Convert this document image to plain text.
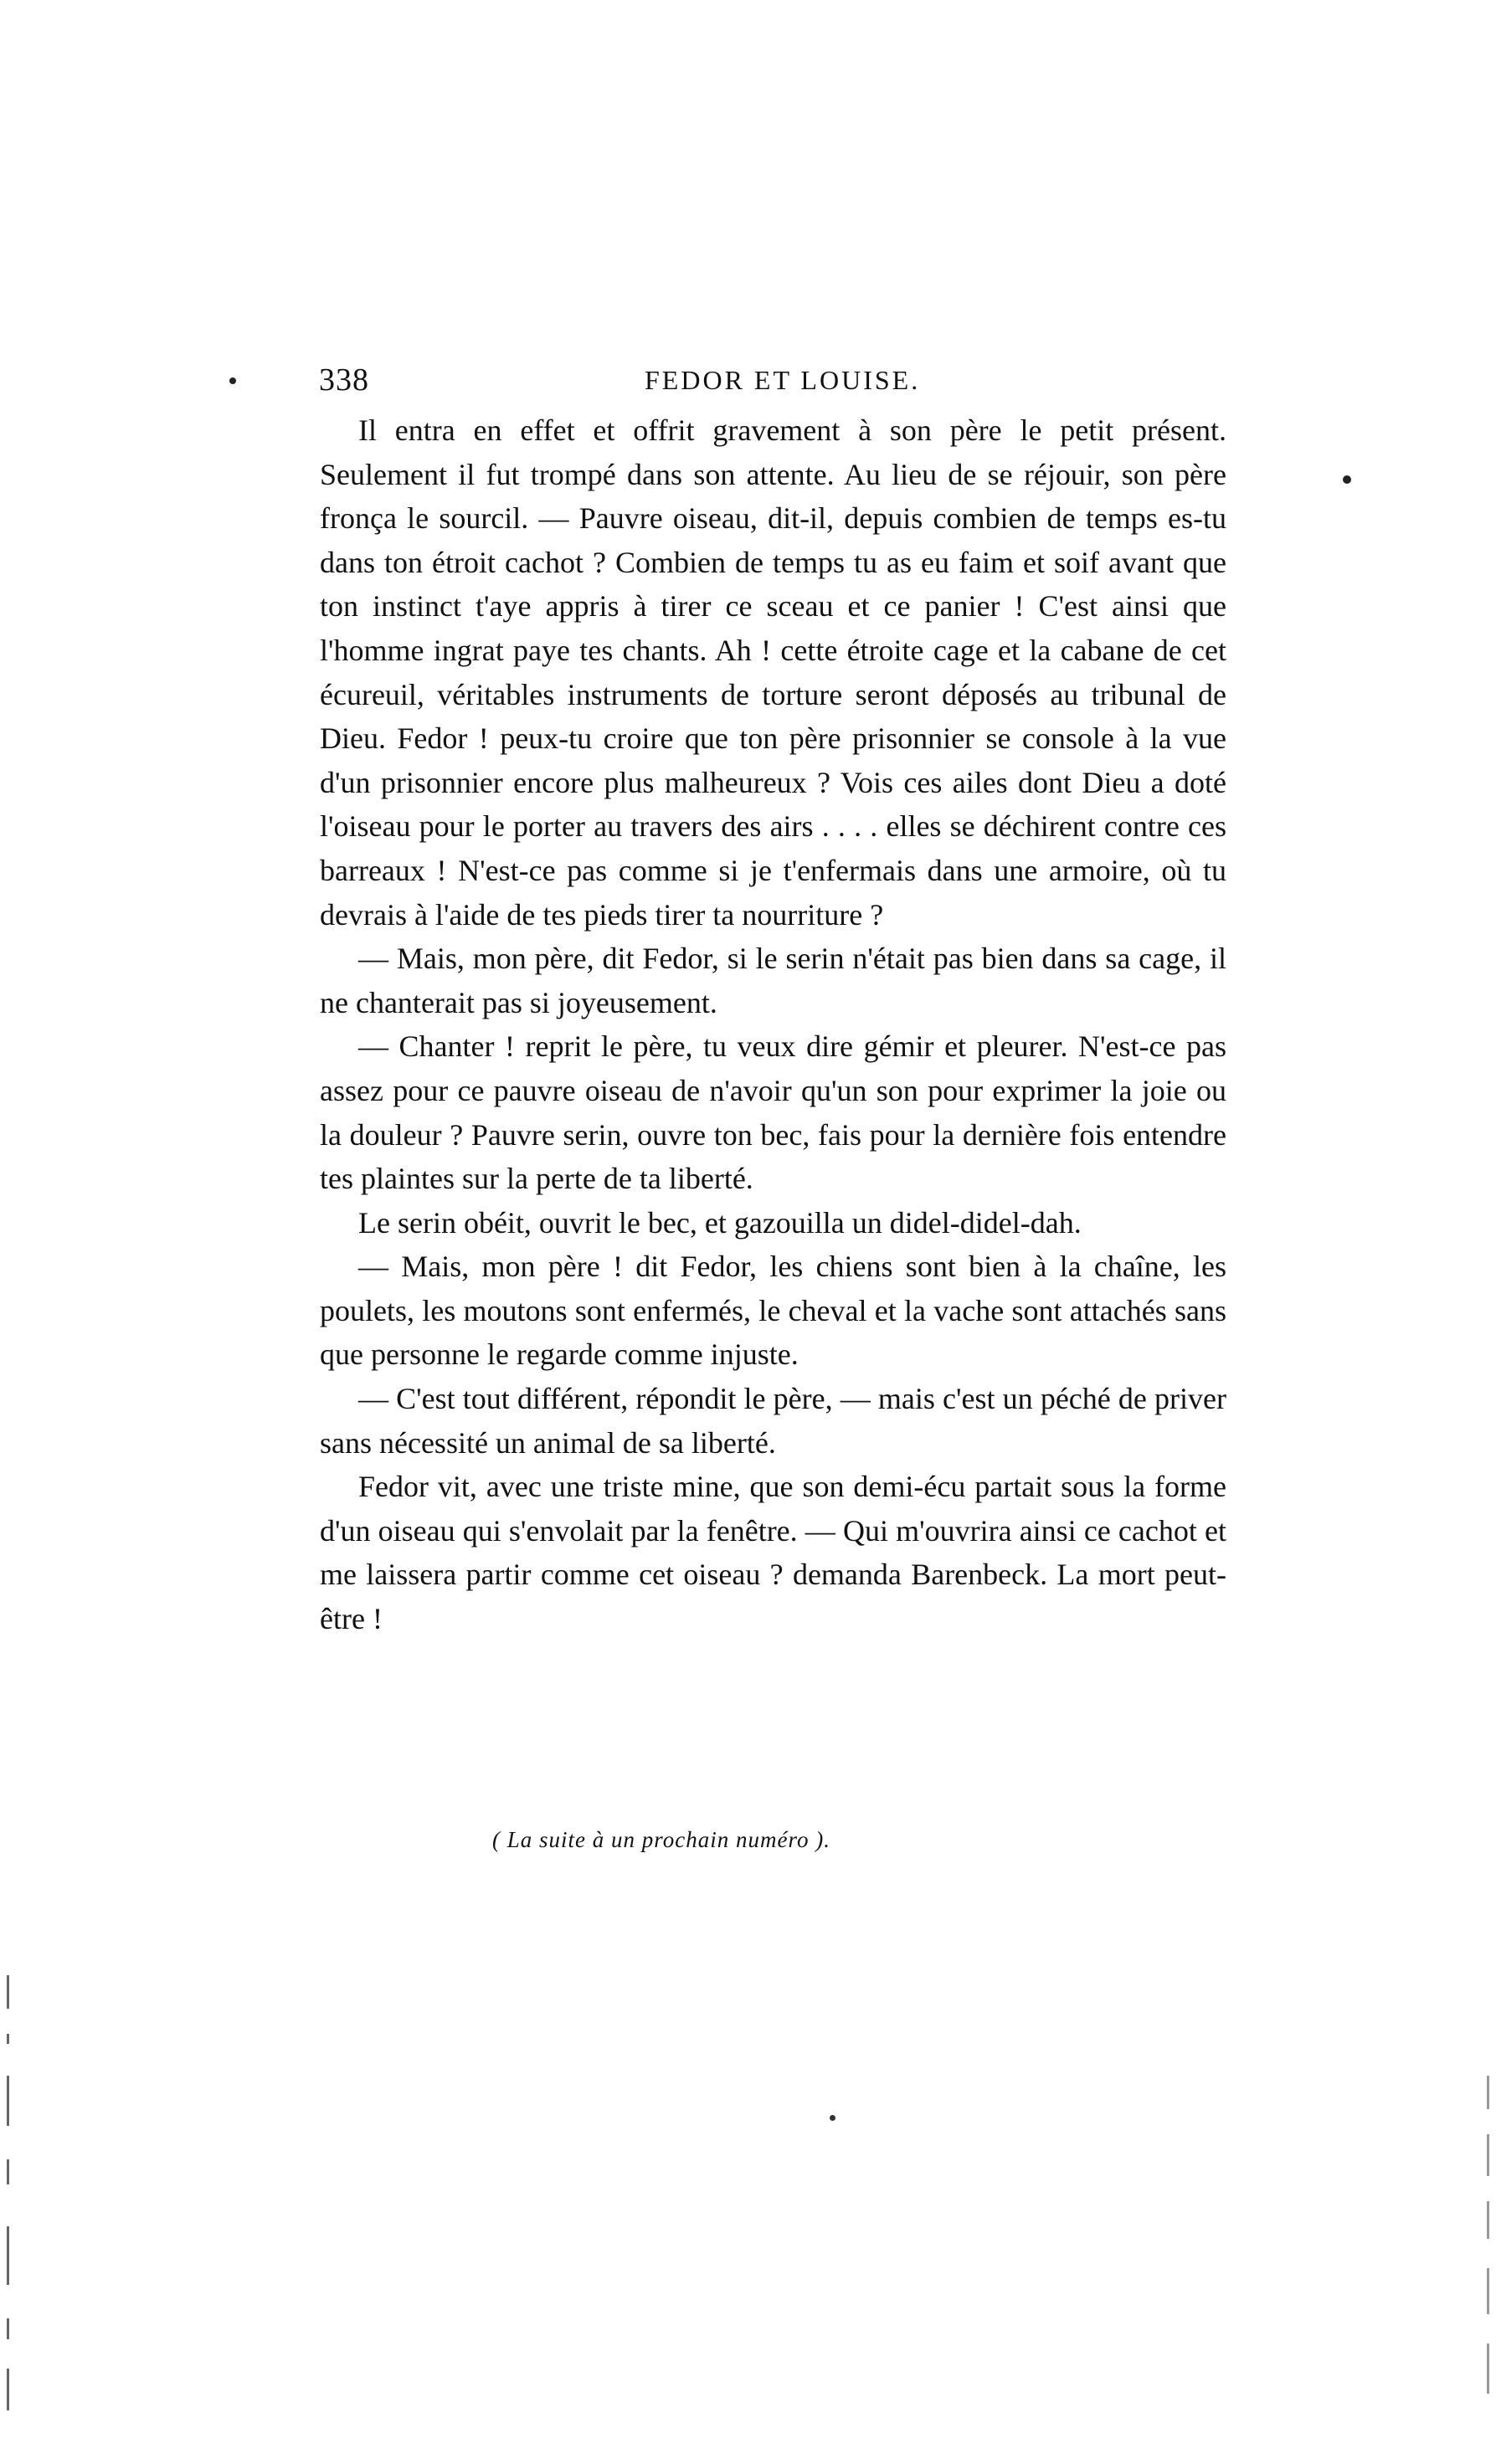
338	FEDOR ET LOUISE.

Il entra en effet et offrit gravement à son père le petit présent. Seulement il fut trompé dans son attente. Au lieu de se réjouir, son père fronça le sourcil. — Pauvre oiseau, dit-il, depuis combien de temps es-tu dans ton étroit cachot ? Combien de temps tu as eu faim et soif avant que ton instinct t'aye appris à tirer ce sceau et ce panier ! C'est ainsi que l'homme ingrat paye tes chants. Ah ! cette étroite cage et la cabane de cet écureuil, véritables instruments de torture seront déposés au tribunal de Dieu. Fedor ! peux-tu croire que ton père prisonnier se console à la vue d'un prisonnier encore plus malheureux ? Vois ces ailes dont Dieu a doté l'oiseau pour le porter au travers des airs . . . . elles se déchirent contre ces barreaux ! N'est-ce pas comme si je t'enfermais dans une armoire, où tu devrais à l'aide de tes pieds tirer ta nourriture ?

— Mais, mon père, dit Fedor, si le serin n'était pas bien dans sa cage, il ne chanterait pas si joyeusement.

— Chanter ! reprit le père, tu veux dire gémir et pleurer. N'est-ce pas assez pour ce pauvre oiseau de n'avoir qu'un son pour exprimer la joie ou la douleur ? Pauvre serin, ouvre ton bec, fais pour la dernière fois entendre tes plaintes sur la perte de ta liberté.

Le serin obéit, ouvrit le bec, et gazouilla un didel-didel-dah.

— Mais, mon père ! dit Fedor, les chiens sont bien à la chaîne, les poulets, les moutons sont enfermés, le cheval et la vache sont attachés sans que personne le regarde comme injuste.

— C'est tout différent, répondit le père, — mais c'est un péché de priver sans nécessité un animal de sa liberté.

Fedor vit, avec une triste mine, que son demi-écu partait sous la forme d'un oiseau qui s'envolait par la fenêtre. — Qui m'ouvrira ainsi ce cachot et me laissera partir comme cet oiseau ? demanda Barenbeck. La mort peut-être !

( La suite à un prochain numéro ).
